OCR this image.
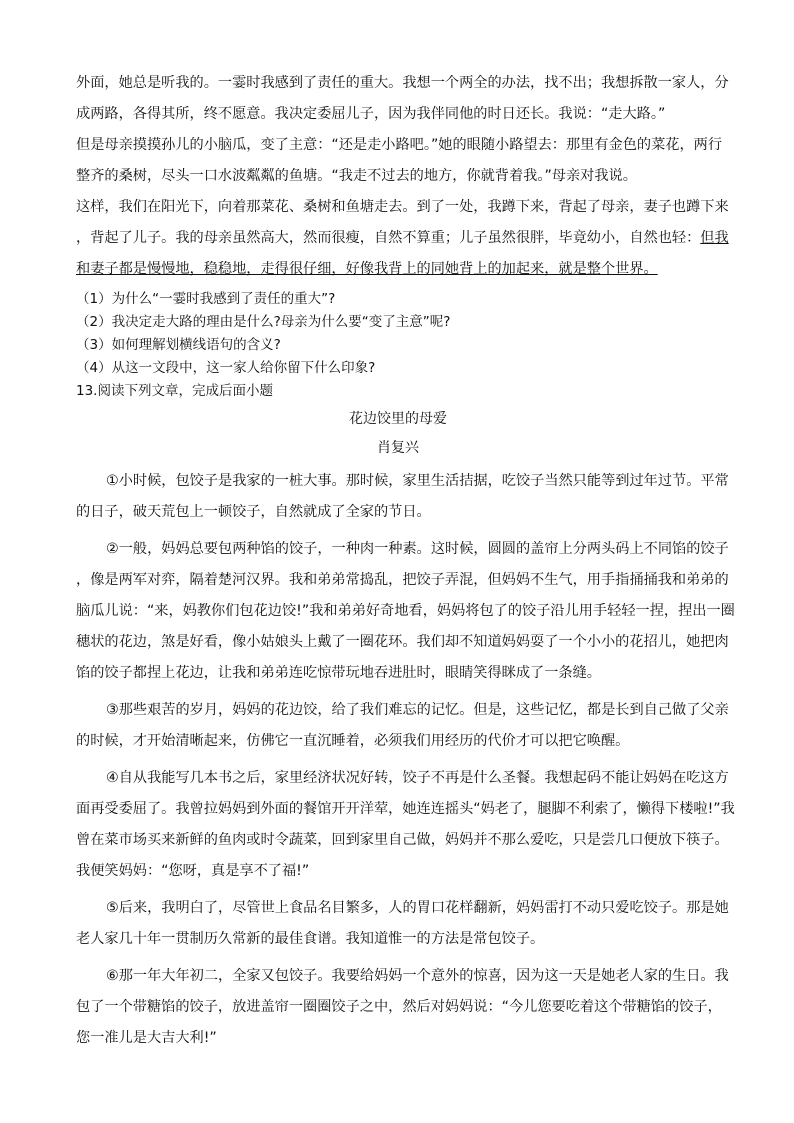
外面，她总是听我的。一霎时我感到了责任的重大。我想一个两全的办法，找不出；我想拆散一家人，分

成两路，各得其所，终不愿意。我决定委屈儿子，因为我伴同他的时日还长。我说：“走大路。”

但是母亲摸摸孙儿的小脑瓜，变了主意：“还是走小路吧。”她的眼随小路望去：那里有金色的菜花，两行

整齐的桑树，尽头一口水波粼粼的鱼塘。“我走不过去的地方，你就背着我。”母亲对我说。

这样，我们在阳光下，向着那菜花、桑树和鱼塘走去。到了一处，我蹲下来，背起了母亲，妻子也蹲下来

，背起了儿子。我的母亲虽然高大，然而很瘦，自然不算重；儿子虽然很胖，毕竟幼小，自然也轻：但我

和妻子都是慢慢地，稳稳地，走得很仔细，好像我背上的同她背上的加起来，就是整个世界。

（1）为什么“一霎时我感到了责任的重大”?

（2）我决定走大路的理由是什么?母亲为什么要“变了主意”呢?

（3）如何理解划横线语句的含义?

（4）从这一文段中，这一家人给你留下什么印象?

13.阅读下列文章，完成后面小题
花边饺里的母爱
肖复兴

①小时候，包饺子是我家的一桩大事。那时候，家里生活拮据，吃饺子当然只能等到过年过节。平常

的日子，破天荒包上一顿饺子，自然就成了全家的节日。

②一般，妈妈总要包两种馅的饺子，一种肉一种素。这时候，圆圆的盖帘上分两头码上不同馅的饺子

，像是两军对弈，隔着楚河汉界。我和弟弟常捣乱，把饺子弄混，但妈妈不生气，用手指捅捅我和弟弟的

脑瓜儿说：“来，妈教你们包花边饺!”我和弟弟好奇地看，妈妈将包了的饺子沿儿用手轻轻一捏，捏出一圈

穗状的花边，煞是好看，像小姑娘头上戴了一圈花环。我们却不知道妈妈耍了一个小小的花招儿，她把肉

馅的饺子都捏上花边，让我和弟弟连吃惊带玩地吞进肚时，眼睛笑得眯成了一条缝。

③那些艰苦的岁月，妈妈的花边饺，给了我们难忘的记忆。但是，这些记忆，都是长到自己做了父亲

的时候，才开始清晰起来，仿佛它一直沉睡着，必须我们用经历的代价才可以把它唤醒。

④自从我能写几本书之后，家里经济状况好转，饺子不再是什么圣餐。我想起码不能让妈妈在吃这方

面再受委屈了。我曾拉妈妈到外面的餐馆开开洋荤，她连连摇头“妈老了，腿脚不利索了，懒得下楼啦!”我

曾在菜市场买来新鲜的鱼肉或时令蔬菜，回到家里自己做，妈妈并不那么爱吃，只是尝几口便放下筷子。

我便笑妈妈：“您呀，真是享不了福!”

⑤后来，我明白了，尽管世上食品名目繁多，人的胃口花样翻新，妈妈雷打不动只爱吃饺子。那是她

老人家几十年一贯制历久常新的最佳食谱。我知道惟一的方法是常包饺子。

⑥那一年大年初二，全家又包饺子。我要给妈妈一个意外的惊喜，因为这一天是她老人家的生日。我

包了一个带糖馅的饺子，放进盖帘一圈圈饺子之中，然后对妈妈说：“今儿您要吃着这个带糖馅的饺子，

您一准儿是大吉大利!”
